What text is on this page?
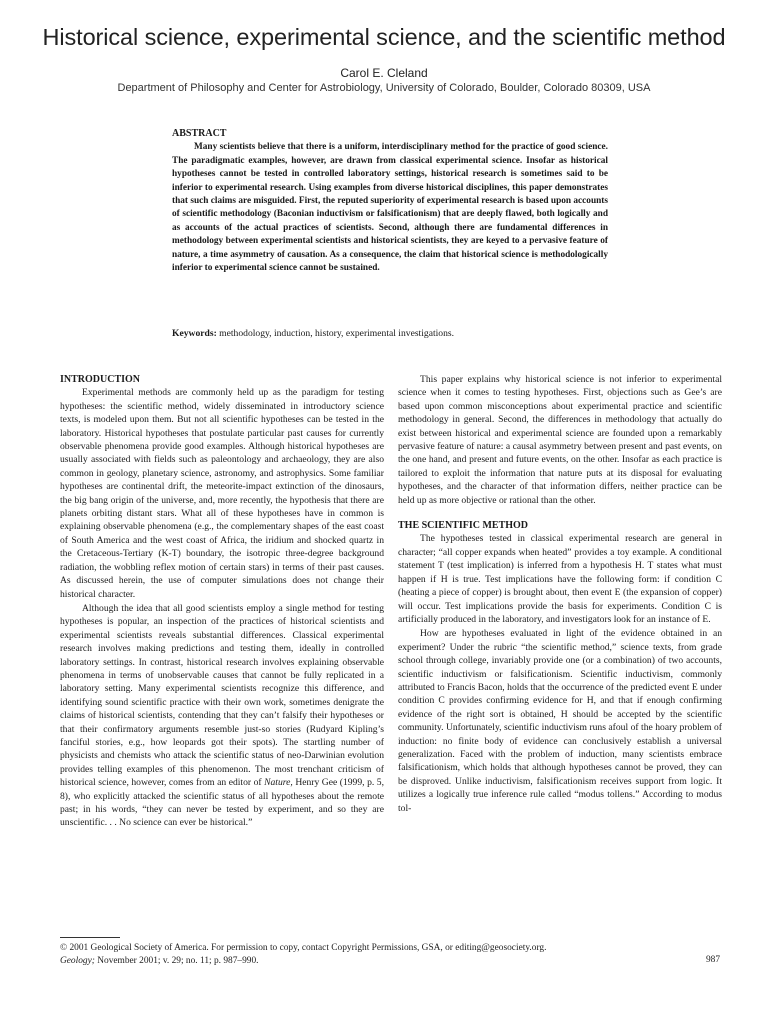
Historical science, experimental science, and the scientific method
Carol E. Cleland
Department of Philosophy and Center for Astrobiology, University of Colorado, Boulder, Colorado 80309, USA
ABSTRACT

Many scientists believe that there is a uniform, interdisciplinary method for the practice of good science. The paradigmatic examples, however, are drawn from classical experimental science. Insofar as historical hypotheses cannot be tested in controlled laboratory settings, historical research is sometimes said to be inferior to experimental research. Using examples from diverse historical disciplines, this paper demonstrates that such claims are misguided. First, the reputed superiority of experimental research is based upon accounts of scientific methodology (Baconian inductivism or falsificationism) that are deeply flawed, both logically and as accounts of the actual practices of scientists. Second, although there are fundamental differences in methodology between experimental scientists and historical scientists, they are keyed to a pervasive feature of nature, a time asymmetry of causation. As a consequence, the claim that historical science is methodologically inferior to experimental science cannot be sustained.

Keywords: methodology, induction, history, experimental investigations.
INTRODUCTION

Experimental methods are commonly held up as the paradigm for testing hypotheses: the scientific method, widely disseminated in introductory science texts, is modeled upon them. But not all scientific hypotheses can be tested in the laboratory. Historical hypotheses that postulate particular past causes for currently observable phenomena provide good examples. Although historical hypotheses are usually associated with fields such as paleontology and archaeology, they are also common in geology, planetary science, astronomy, and astrophysics. Some familiar hypotheses are continental drift, the meteorite-impact extinction of the dinosaurs, the big bang origin of the universe, and, more recently, the hypothesis that there are planets orbiting distant stars. What all of these hypotheses have in common is explaining observable phenomena (e.g., the complementary shapes of the east coast of South America and the west coast of Africa, the iridium and shocked quartz in the Cretaceous-Tertiary (K-T) boundary, the isotropic three-degree background radiation, the wobbling reflex motion of certain stars) in terms of their past causes. As discussed herein, the use of computer simulations does not change their historical character.

Although the idea that all good scientists employ a single method for testing hypotheses is popular, an inspection of the practices of historical scientists and experimental scientists reveals substantial differences. Classical experimental research involves making predictions and testing them, ideally in controlled laboratory settings. In contrast, historical research involves explaining observable phenomena in terms of unobservable causes that cannot be fully replicated in a laboratory setting. Many experimental scientists recognize this difference, and identifying sound scientific practice with their own work, sometimes denigrate the claims of historical scientists, contending that they can’t falsify their hypotheses or that their confirmatory arguments resemble just-so stories (Rudyard Kipling’s fanciful stories, e.g., how leopards got their spots). The startling number of physicists and chemists who attack the scientific status of neo-Darwinian evolution provides telling examples of this phenomenon. The most trenchant criticism of historical science, however, comes from an editor of Nature, Henry Gee (1999, p. 5, 8), who explicitly attacked the scientific status of all hypotheses about the remote past; in his words, “they can never be tested by experiment, and so they are unscientific. . . No science can ever be historical.”

This paper explains why historical science is not inferior to experimental science when it comes to testing hypotheses. First, objections such as Gee’s are based upon common misconceptions about experimental practice and scientific methodology in general. Second, the differences in methodology that actually do exist between historical and experimental science are founded upon a remarkably pervasive feature of nature: a causal asymmetry between present and past events, on the one hand, and present and future events, on the other. Insofar as each practice is tailored to exploit the information that nature puts at its disposal for evaluating hypotheses, and the character of that information differs, neither practice can be held up as more objective or rational than the other.

THE SCIENTIFIC METHOD

The hypotheses tested in classical experimental research are general in character; “all copper expands when heated” provides a toy example. A conditional statement T (test implication) is inferred from a hypothesis H. T states what must happen if H is true. Test implications have the following form: if condition C (heating a piece of copper) is brought about, then event E (the expansion of copper) will occur. Test implications provide the basis for experiments. Condition C is artificially produced in the laboratory, and investigators look for an instance of E.

How are hypotheses evaluated in light of the evidence obtained in an experiment? Under the rubric “the scientific method,” science texts, from grade school through college, invariably provide one (or a combination) of two accounts, scientific inductivism or falsificationism. Scientific inductivism, commonly attributed to Francis Bacon, holds that the occurrence of the predicted event E under condition C provides confirming evidence for H, and that if enough confirming evidence of the right sort is obtained, H should be accepted by the scientific community. Unfortunately, scientific inductivism runs afoul of the hoary problem of induction: no finite body of evidence can conclusively establish a universal generalization. Faced with the problem of induction, many scientists embrace falsificationism, which holds that although hypotheses cannot be proved, they can be disproved. Unlike inductivism, falsificationism receives support from logic. It utilizes a logically true inference rule called “modus tollens.” According to modus tol-

© 2001 Geological Society of America. For permission to copy, contact Copyright Permissions, GSA, or editing@geosociety.org.
Geology; November 2001; v. 29; no. 11; p. 987–990.	987
